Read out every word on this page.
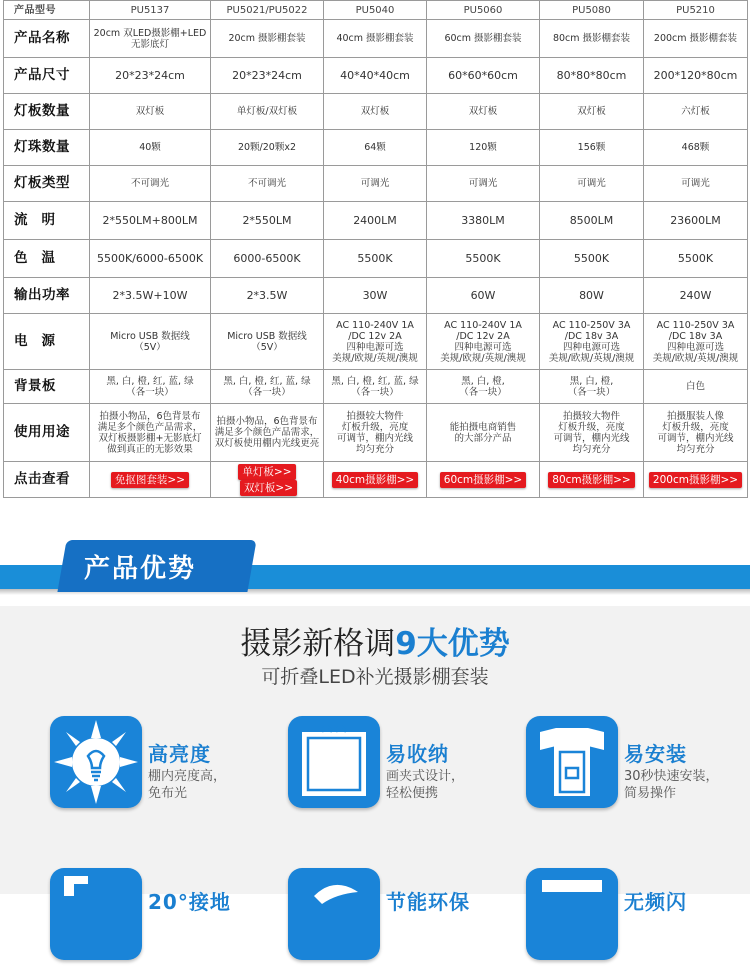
产品型号	PU5137	PU5021/PU5022	PU5040	PU5060	PU5080	PU5210
产品名称	20cm 双LED摄影棚+LED 无影底灯	20cm 摄影棚套装	40cm 摄影棚套装	60cm 摄影棚套装	80cm 摄影棚套装	200cm 摄影棚套装
产品尺寸	20*23*24cm	20*23*24cm	40*40*40cm	60*60*60cm	80*80*80cm	200*120*80cm
灯板数量	双灯板	单灯板/双灯板	双灯板	双灯板	双灯板	六灯板
灯珠数量	40颗	20颗/20颗x2	64颗	120颗	156颗	468颗
灯板类型	不可调光	不可调光	可调光	可调光	可调光	可调光
流明	2*550LM+800LM	2*550LM	2400LM	3380LM	8500LM	23600LM
色温	5500K/6000-6500K	6000-6500K	5500K	5500K	5500K	5500K
输出功率	2*3.5W+10W	2*3.5W	30W	60W	80W	240W
电源	Micro USB 数据线
（5V）	Micro USB 数据线
（5V）	AC 110-240V 1A
/DC 12v 2A
四种电源可选
美规/欧规/英规/澳规	AC 110-240V 1A
/DC 12v 2A
四种电源可选
美规/欧规/英规/澳规	AC 110-250V 3A
/DC 18v 3A
四种电源可选
美规/欧规/英规/澳规	AC 110-250V 3A
/DC 18v 3A
四种电源可选
美规/欧规/英规/澳规
背景板	黑, 白, 橙, 红, 蓝, 绿
（各一块）	黑, 白, 橙, 红, 蓝, 绿
（各一块）	黑, 白, 橙, 红, 蓝, 绿
（各一块）	黑, 白, 橙,
（各一块）	黑, 白, 橙,
（各一块）	白色
使用用途	拍摄小物品，6色背景布
满足多个颜色产品需求，
双灯板摄影棚+无影底灯
做到真正的无影效果	拍摄小物品，6色背景布
满足多个颜色产品需求，
双灯板使用棚内光线更亮	拍摄较大物件
灯板升级，亮度
可调节，棚内光线
均匀充分	能拍摄电商销售
的大部分产品	拍摄较大物件
灯板升级，亮度
可调节，棚内光线
均匀充分	拍摄服装人像
灯板升级，亮度
可调节，棚内光线
均匀充分
点击查看	免抠图套装>>	单灯板>>双灯板>>	40cm摄影棚>>	60cm摄影棚>>	80cm摄影棚>>	200cm摄影棚>>
产品优势
摄影新格调9大优势
可折叠LED补光摄影棚套装
高亮度
棚内亮度高，
免布光
易收纳
画夹式设计，
轻松便携
易安装
30秒快速安装，
简易操作
20°接地	节能环保	无频闪
